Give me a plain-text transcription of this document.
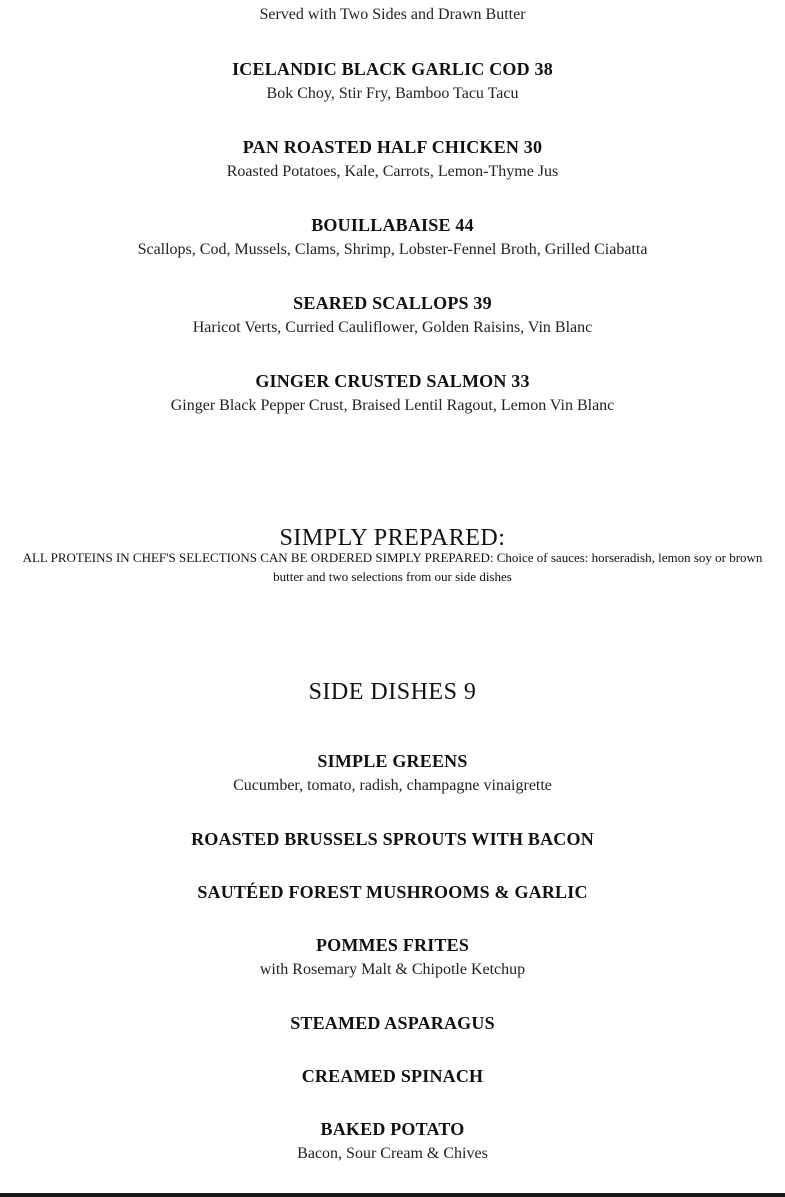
Served with Two Sides and Drawn Butter
ICELANDIC BLACK GARLIC COD 38
Bok Choy, Stir Fry, Bamboo Tacu Tacu
PAN ROASTED HALF CHICKEN 30
Roasted Potatoes, Kale, Carrots, Lemon-Thyme Jus
BOUILLABAISE 44
Scallops, Cod, Mussels, Clams, Shrimp, Lobster-Fennel Broth, Grilled Ciabatta
SEARED SCALLOPS 39
Haricot Verts, Curried Cauliflower, Golden Raisins, Vin Blanc
GINGER CRUSTED SALMON 33
Ginger Black Pepper Crust, Braised Lentil Ragout, Lemon Vin Blanc
SIMPLY PREPARED:
ALL PROTEINS IN CHEF'S SELECTIONS CAN BE ORDERED SIMPLY PREPARED: Choice of sauces: horseradish, lemon soy or brown butter and two selections from our side dishes
SIDE DISHES 9
SIMPLE GREENS
Cucumber, tomato, radish, champagne vinaigrette
ROASTED BRUSSELS SPROUTS WITH BACON
SAUTÉED FOREST MUSHROOMS & GARLIC
POMMES FRITES
with Rosemary Malt & Chipotle Ketchup
STEAMED ASPARAGUS
CREAMED SPINACH
BAKED POTATO
Bacon, Sour Cream & Chives
